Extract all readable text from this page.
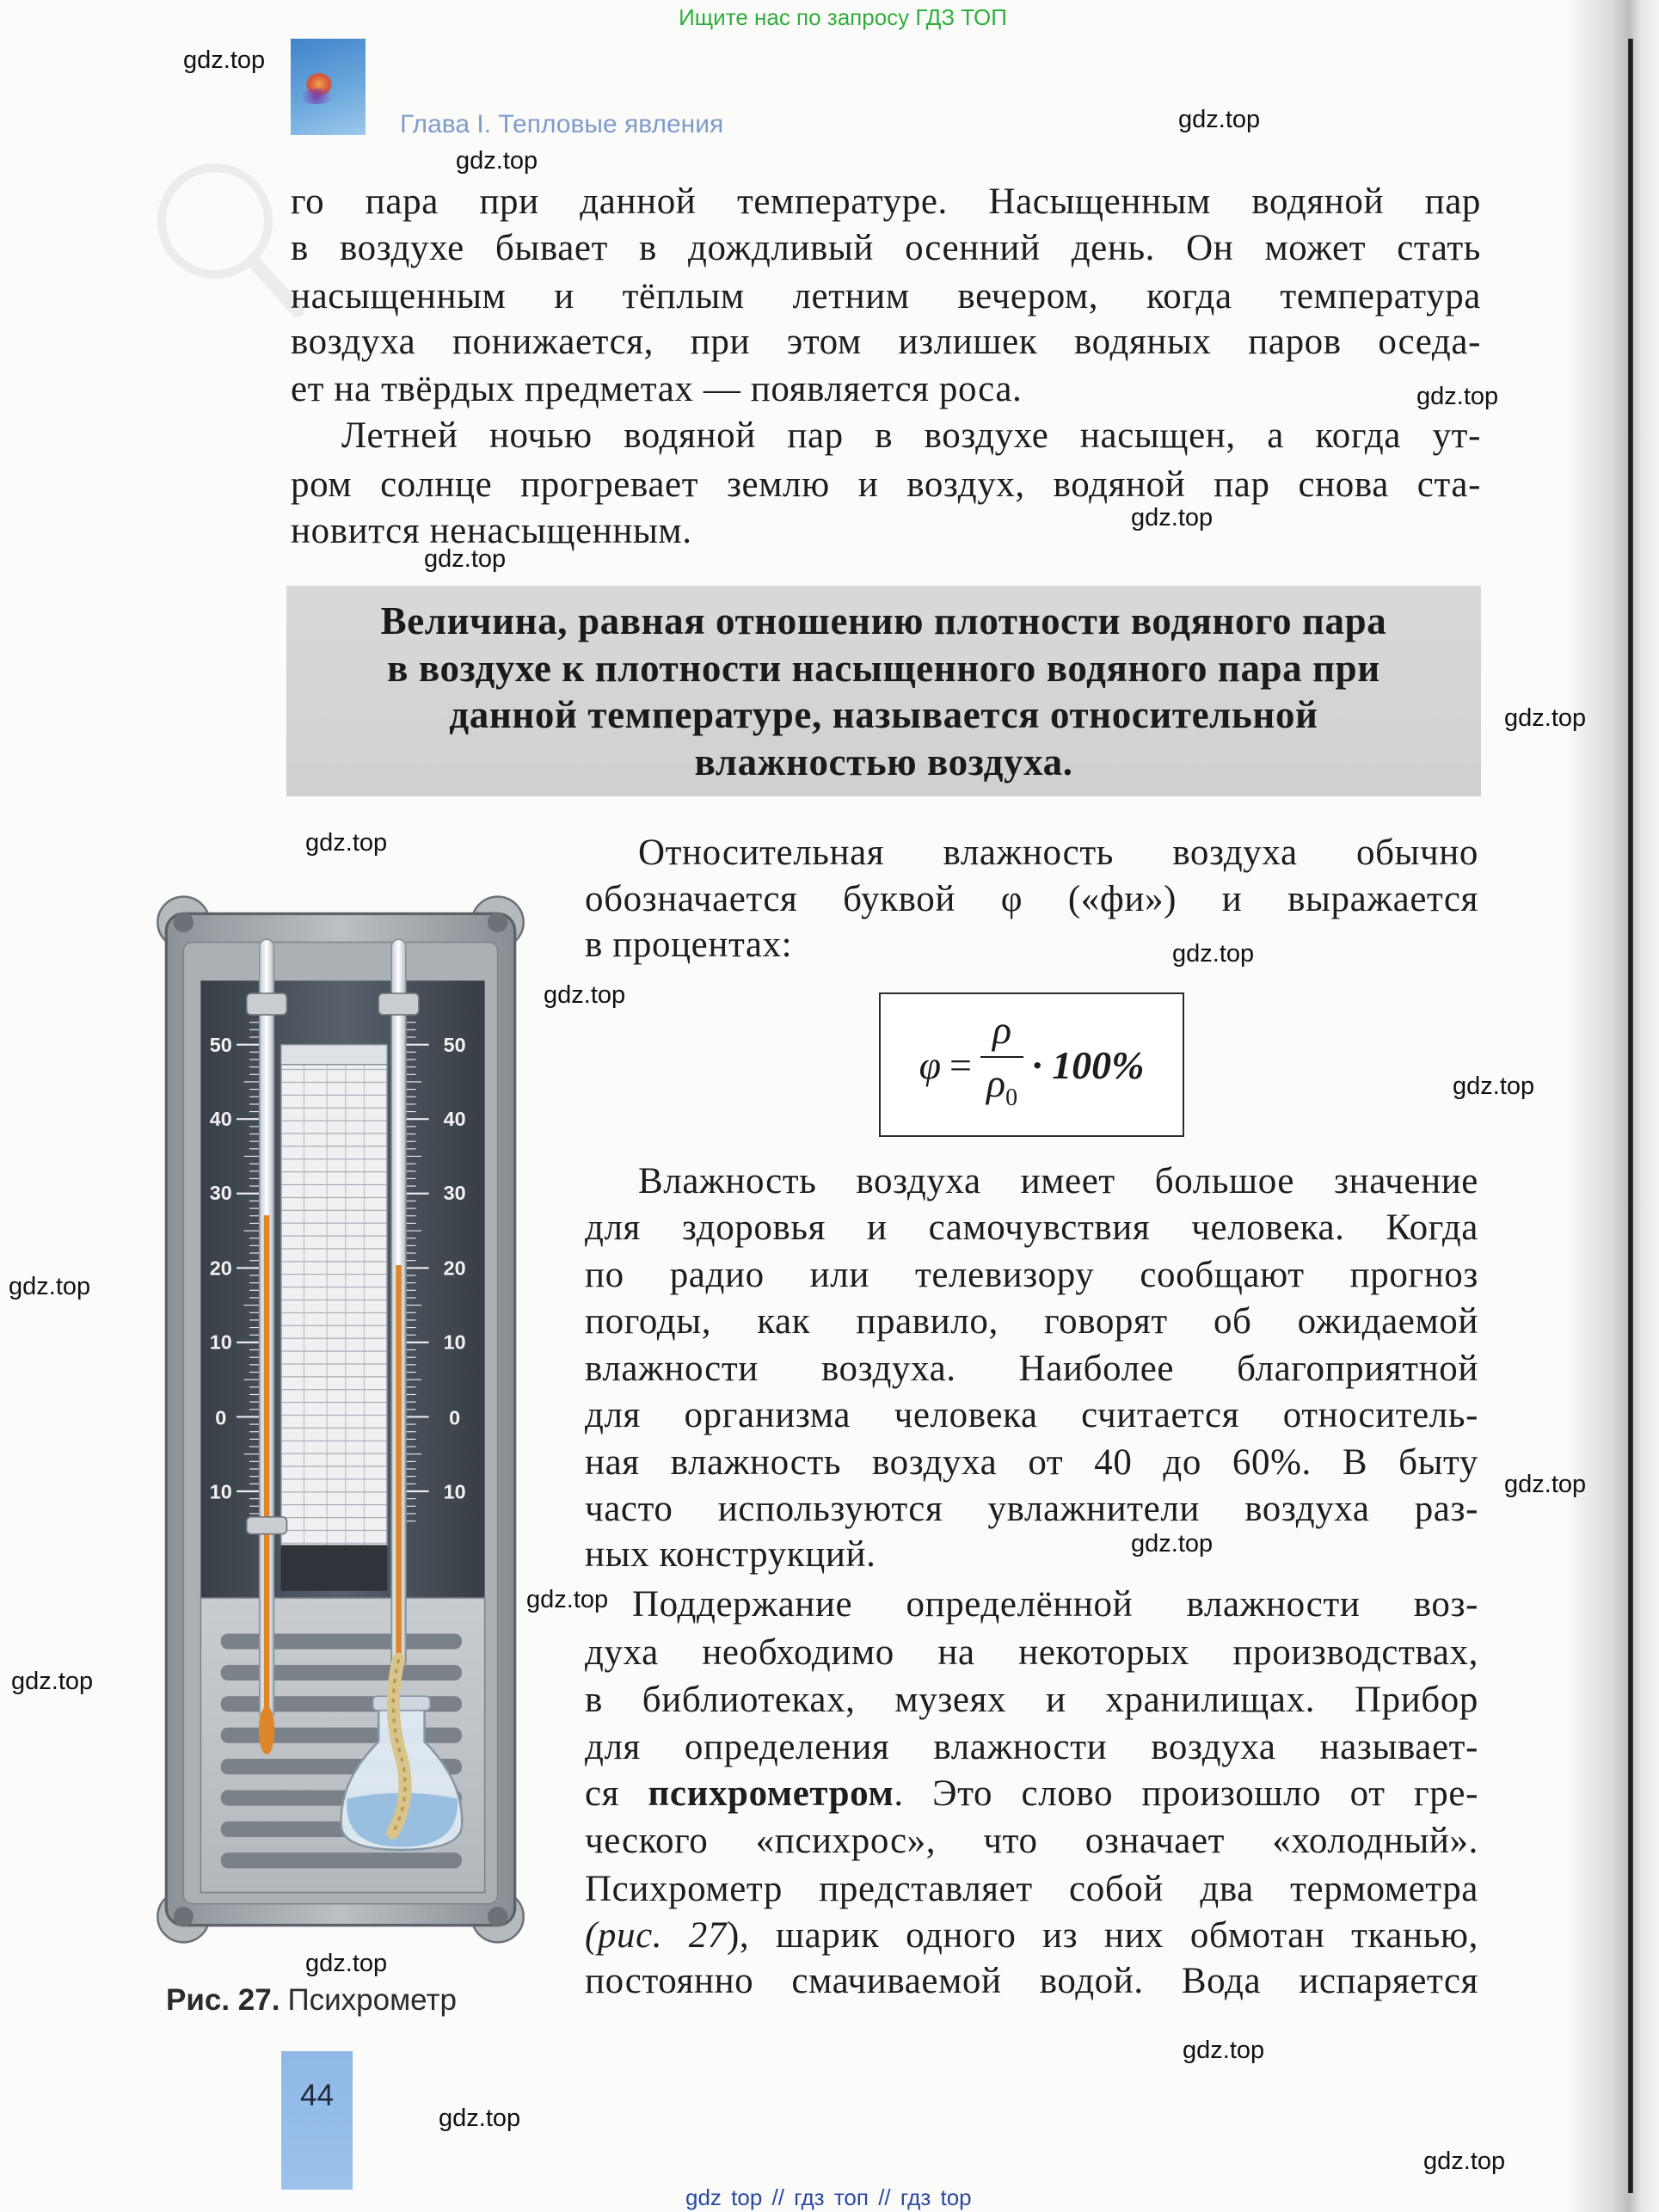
Ищите нас по запросу ГДЗ ТОП
Глава I. Тепловые явления
го пара при данной температуре. Насыщенным водяной пар
в воздухе бывает в дождливый осенний день. Он может стать
насыщенным и тёплым летним вечером, когда температура
воздуха понижается, при этом излишек водяных паров оседа-
ет на твёрдых предметах — появляется роса.
Летней ночью водяной пар в воздухе насыщен, а когда ут-
ром солнце прогревает землю и воздух, водяной пар снова ста-
новится ненасыщенным.
Величина, равная отношению плотности водяного пара
в воздухе к плотности насыщенного водяного пара при
данной температуре, называется относительной
влажностью воздуха.
Относительная влажность воздуха обычно
обозначается буквой φ («фи») и выражается
в процентах:
$\varphi = \frac{\rho}{\rho_0} \cdot 100\%$
Влажность воздуха имеет большое значение
для здоровья и самочувствия человека. Когда
по радио или телевизору сообщают прогноз
погоды, как правило, говорят об ожидаемой
влажности воздуха. Наиболее благоприятной
для организма человека считается относитель-
ная влажность воздуха от 40 до 60%. В быту
часто используются увлажнители воздуха раз-
ных конструкций.
Поддержание определённой влажности воз-
духа необходимо на некоторых производствах,
в библиотеках, музеях и хранилищах. Прибор
для определения влажности воздуха называет-
ся психрометром. Это слово произошло от гре-
ческого «психрос», что означает «холодный».
Психрометр представляет собой два термометра
(рис. 27), шарик одного из них обмотан тканью,
постоянно смачиваемой водой. Вода испаряется
50
40
30
20
10
0
10
50
40
30
20
10
0
10
Рис. 27. Психрометр
44
gdz.top
gdz.top
gdz.top
gdz.top
gdz.top
gdz.top
gdz.top
gdz.top
gdz.top
gdz.top
gdz.top
gdz.top
gdz.top
gdz.top
gdz.top
gdz.top
gdz.top
gdz.top
gdz.top
gdz.top
gdz top // гдз топ // гдз top
